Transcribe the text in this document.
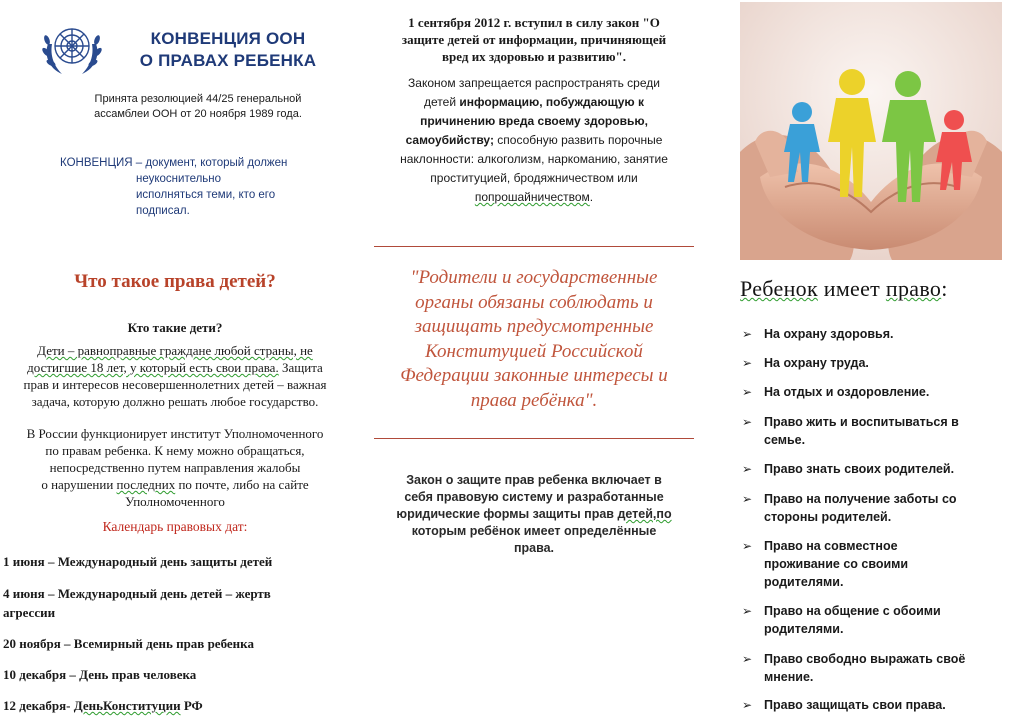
КОНВЕНЦИЯ ООН
О ПРАВАХ РЕБЕНКА
Принята резолюцией 44/25 генеральной
ассамблеи ООН от 20 ноября 1989 года.
КОНВЕНЦИЯ – документ, который должен
неукоснительно
исполняться теми, кто его
подписал.
Что такое права детей?
Кто такие дети?
Дети – равноправные граждане любой страны, не
достигшие 18 лет, у который есть свои права. Защита
прав и интересов несовершеннолетних детей – важная
задача, которую должно решать любое государство.
В России функционирует институт Уполномоченного
по правам ребенка. К нему можно обращаться,
непосредственно путем направления жалобы
о нарушении последних по почте, либо на сайте
Уполномоченного
Календарь правовых дат:
1 июня – Международный день защиты детей
4 июня – Международный день детей – жертв
агрессии
20 ноября – Всемирный день прав ребенка
10 декабря – День прав человека
12 декабря- ДеньКонституции РФ
1 сентября 2012 г. вступил в силу закон "О
защите детей от информации, причиняющей
вред их здоровью и развитию".
Законом запрещается распространять среди
детей информацию, побуждающую к
причинению вреда своему здоровью,
самоубийству; способную развить порочные
наклонности: алкоголизм, наркоманию, занятие
проституцией, бродяжничеством или
попрошайничеством.
"Родители и государственные
органы обязаны соблюдать и
защищать предусмотренные
Конституцией Российской
Федерации законные интересы и
права ребёнка".
Закон о защите прав ребенка включает в
себя правовую систему и разработанные
юридические формы защиты прав детей,по
которым ребёнок имеет определённые
права.
Ребенок имеет право:
➢ На охрану здоровья.
➢ На охрану труда.
➢ На отдых и оздоровление.
➢ Право жить и воспитываться в
семье.
➢ Право знать своих родителей.
➢ Право на получение заботы со
стороны родителей.
➢ Право на совместное
проживание со своими
родителями.
➢ Право на общение с обоими
родителями.
➢ Право свободно выражать своё
мнение.
➢ Право защищать свои права.
